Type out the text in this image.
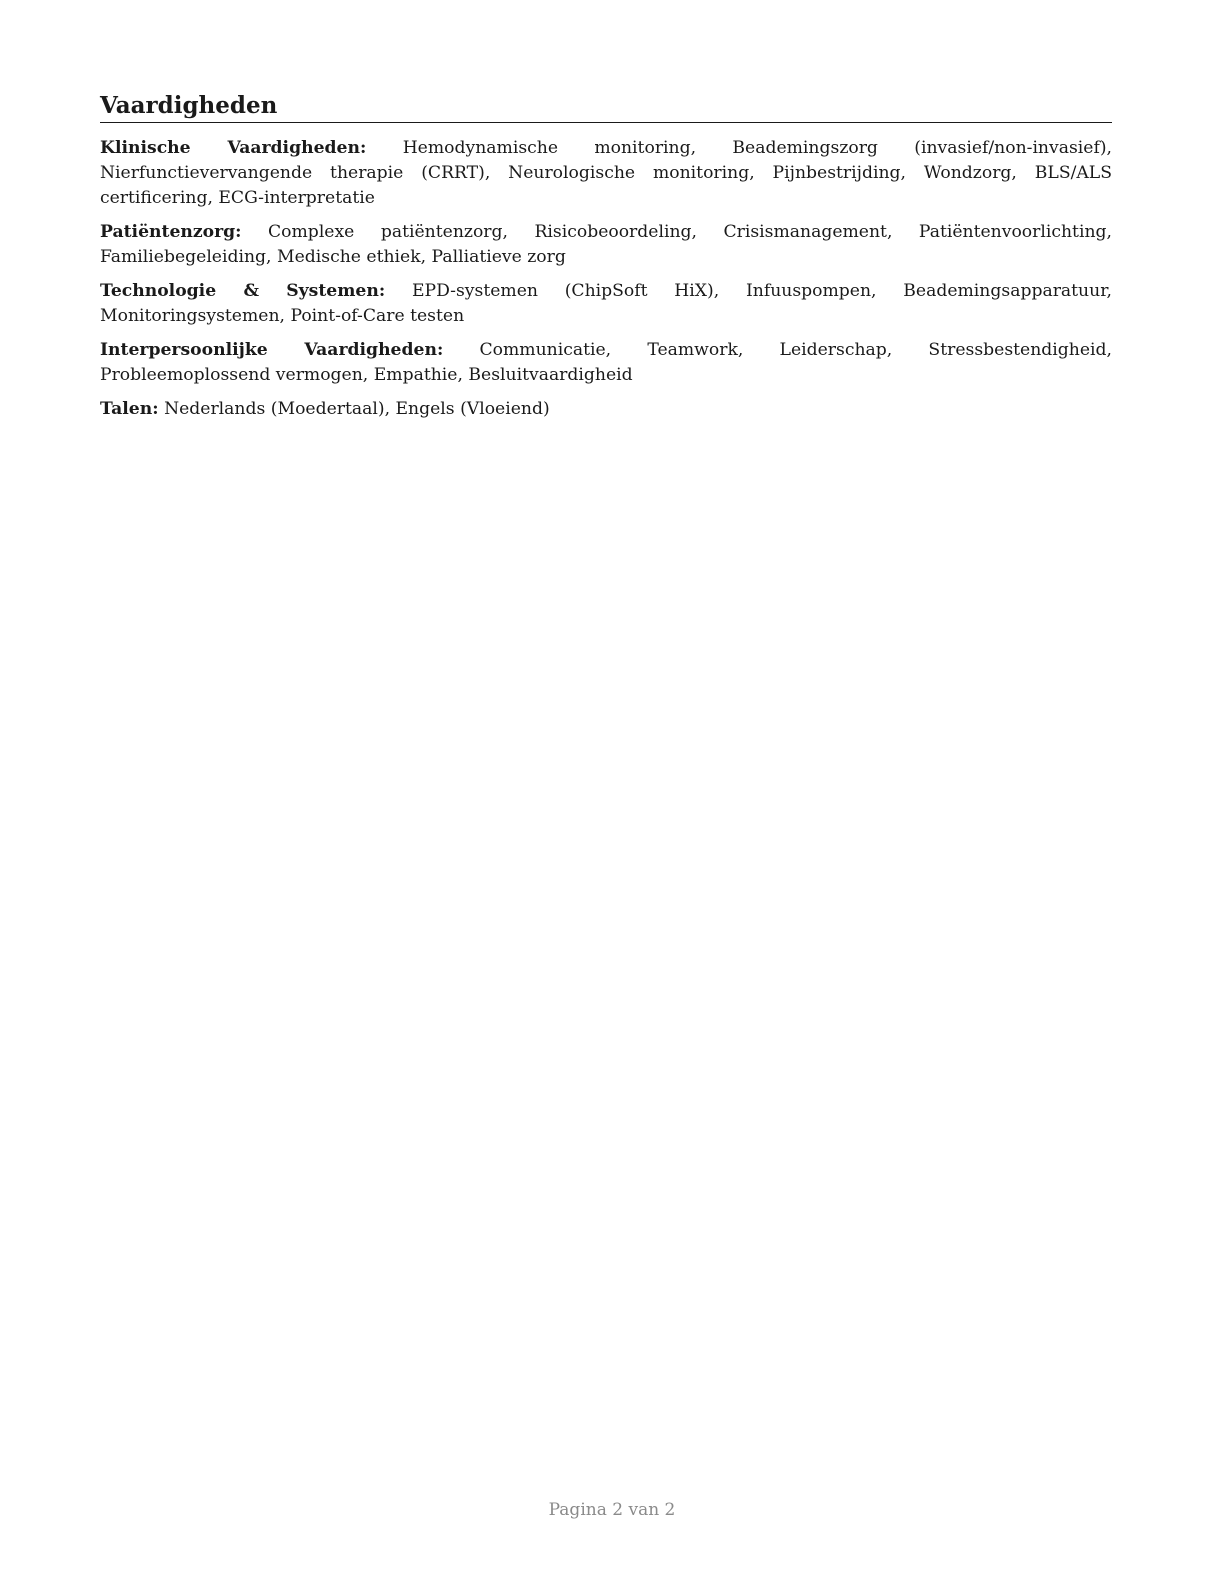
Vaardigheden

Klinische Vaardigheden: Hemodynamische monitoring, Beademingszorg (invasief/non-invasief), Nierfunctievervangende therapie (CRRT), Neurologische monitoring, Pijnbestrijding, Wondzorg, BLS/ALS certificering, ECG-interpretatie

Patiëntenzorg: Complexe patiëntenzorg, Risicobeoordeling, Crisismanagement, Patiëntenvoorlichting, Familiebegeleiding, Medische ethiek, Palliatieve zorg

Technologie & Systemen: EPD-systemen (ChipSoft HiX), Infuuspompen, Beademingsapparatuur, Monitoringsystemen, Point-of-Care testen

Interpersoonlijke Vaardigheden: Communicatie, Teamwork, Leiderschap, Stressbestendigheid, Probleemoplossend vermogen, Empathie, Besluitvaardigheid

Talen: Nederlands (Moedertaal), Engels (Vloeiend)

Pagina 2 van 2
